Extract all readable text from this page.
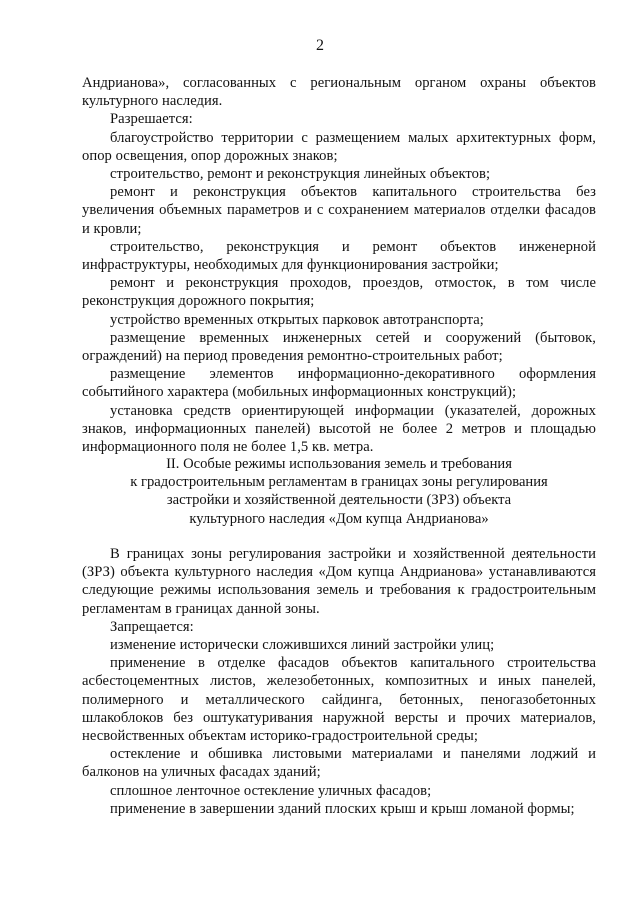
2

Андрианова», согласованных с региональным органом охраны объектов культурного наследия.

Разрешается:

благоустройство территории с размещением малых архитектурных форм, опор освещения, опор дорожных знаков;

строительство, ремонт и реконструкция линейных объектов;

ремонт и реконструкция объектов капитального строительства без увеличения объемных параметров и с сохранением материалов отделки фасадов и кровли;

строительство, реконструкция и ремонт объектов инженерной инфраструктуры, необходимых для функционирования застройки;

ремонт и реконструкция проходов, проездов, отмосток, в том числе реконструкция дорожного покрытия;

устройство временных открытых парковок автотранспорта;

размещение временных инженерных сетей и сооружений (бытовок, ограждений) на период проведения ремонтно-строительных работ;

размещение элементов информационно-декоративного оформления событийного характера (мобильных информационных конструкций);

установка средств ориентирующей информации (указателей, дорожных знаков, информационных панелей) высотой не более 2 метров и площадью информационного поля не более 1,5 кв. метра.

II. Особые режимы использования земель и требования

к градостроительным регламентам в границах зоны регулирования

застройки и хозяйственной деятельности (ЗРЗ) объекта

культурного наследия «Дом купца Андрианова»

В границах зоны регулирования застройки и хозяйственной деятельности (ЗРЗ) объекта культурного наследия «Дом купца Андрианова» устанавливаются следующие режимы использования земель и требования к градостроительным регламентам в границах данной зоны.

Запрещается:

изменение исторически сложившихся линий застройки улиц;

применение в отделке фасадов объектов капитального строительства асбестоцементных листов, железобетонных, композитных и иных панелей, полимерного и металлического сайдинга, бетонных, пеногазобетонных шлакоблоков без оштукатуривания наружной версты и прочих материалов, несвойственных объектам историко-градостроительной среды;

остекление и обшивка листовыми материалами и панелями лоджий и балконов на уличных фасадах зданий;

сплошное ленточное остекление уличных фасадов;

применение в завершении зданий плоских крыш и крыш ломаной формы;
